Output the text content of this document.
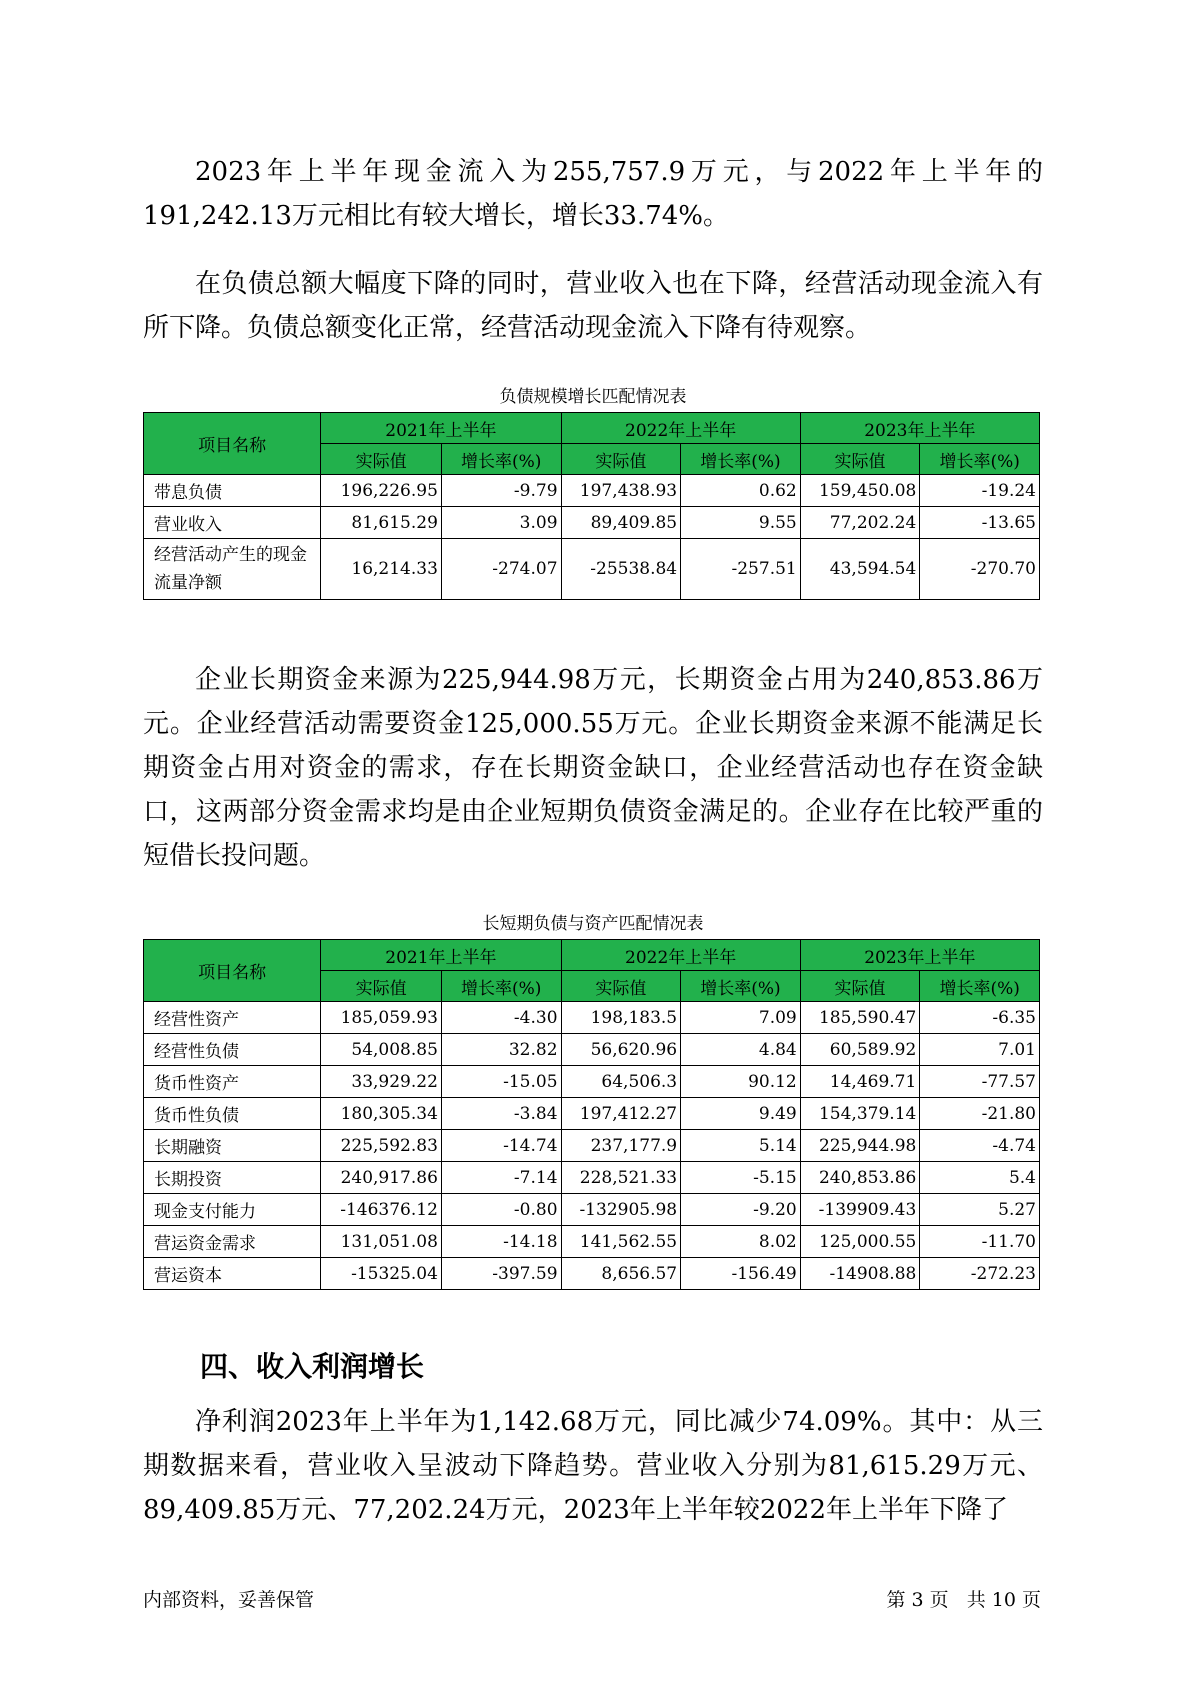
2023年上半年现金流入为255,757.9万元，与2022年上半年的191,242.13万元相比有较大增长，增长33.74%。

在负债总额大幅度下降的同时，营业收入也在下降，经营活动现金流入有所下降。负债总额变化正常，经营活动现金流入下降有待观察。

负债规模增长匹配情况表
项目名称	2021年上半年		2022年上半年		2023年上半年	
	实际值	增长率(%)	实际值	增长率(%)	实际值	增长率(%)
带息负债	196,226.95	-9.79	197,438.93	0.62	159,450.08	-19.24
营业收入	81,615.29	3.09	89,409.85	9.55	77,202.24	-13.65
经营活动产生的现金流量净额	16,214.33	-274.07	-25538.84	-257.51	43,594.54	-270.70

企业长期资金来源为225,944.98万元，长期资金占用为240,853.86万元。企业经营活动需要资金125,000.55万元。企业长期资金来源不能满足长期资金占用对资金的需求，存在长期资金缺口，企业经营活动也存在资金缺口，这两部分资金需求均是由企业短期负债资金满足的。企业存在比较严重的短借长投问题。

长短期负债与资产匹配情况表
项目名称	2021年上半年		2022年上半年		2023年上半年	
	实际值	增长率(%)	实际值	增长率(%)	实际值	增长率(%)
经营性资产	185,059.93	-4.30	198,183.5	7.09	185,590.47	-6.35
经营性负债	54,008.85	32.82	56,620.96	4.84	60,589.92	7.01
货币性资产	33,929.22	-15.05	64,506.3	90.12	14,469.71	-77.57
货币性负债	180,305.34	-3.84	197,412.27	9.49	154,379.14	-21.80
长期融资	225,592.83	-14.74	237,177.9	5.14	225,944.98	-4.74
长期投资	240,917.86	-7.14	228,521.33	-5.15	240,853.86	5.4
现金支付能力	-146376.12	-0.80	-132905.98	-9.20	-139909.43	5.27
营运资金需求	131,051.08	-14.18	141,562.55	8.02	125,000.55	-11.70
营运资本	-15325.04	-397.59	8,656.57	-156.49	-14908.88	-272.23
四、收入利润增长

净利润2023年上半年为1,142.68万元，同比减少74.09%。其中：从三期数据来看，营业收入呈波动下降趋势。营业收入分别为81,615.29万元、89,409.85万元、77,202.24万元，2023年上半年较2022年上半年下降了

内部资料，妥善保管	第 3 页   共 10 页
